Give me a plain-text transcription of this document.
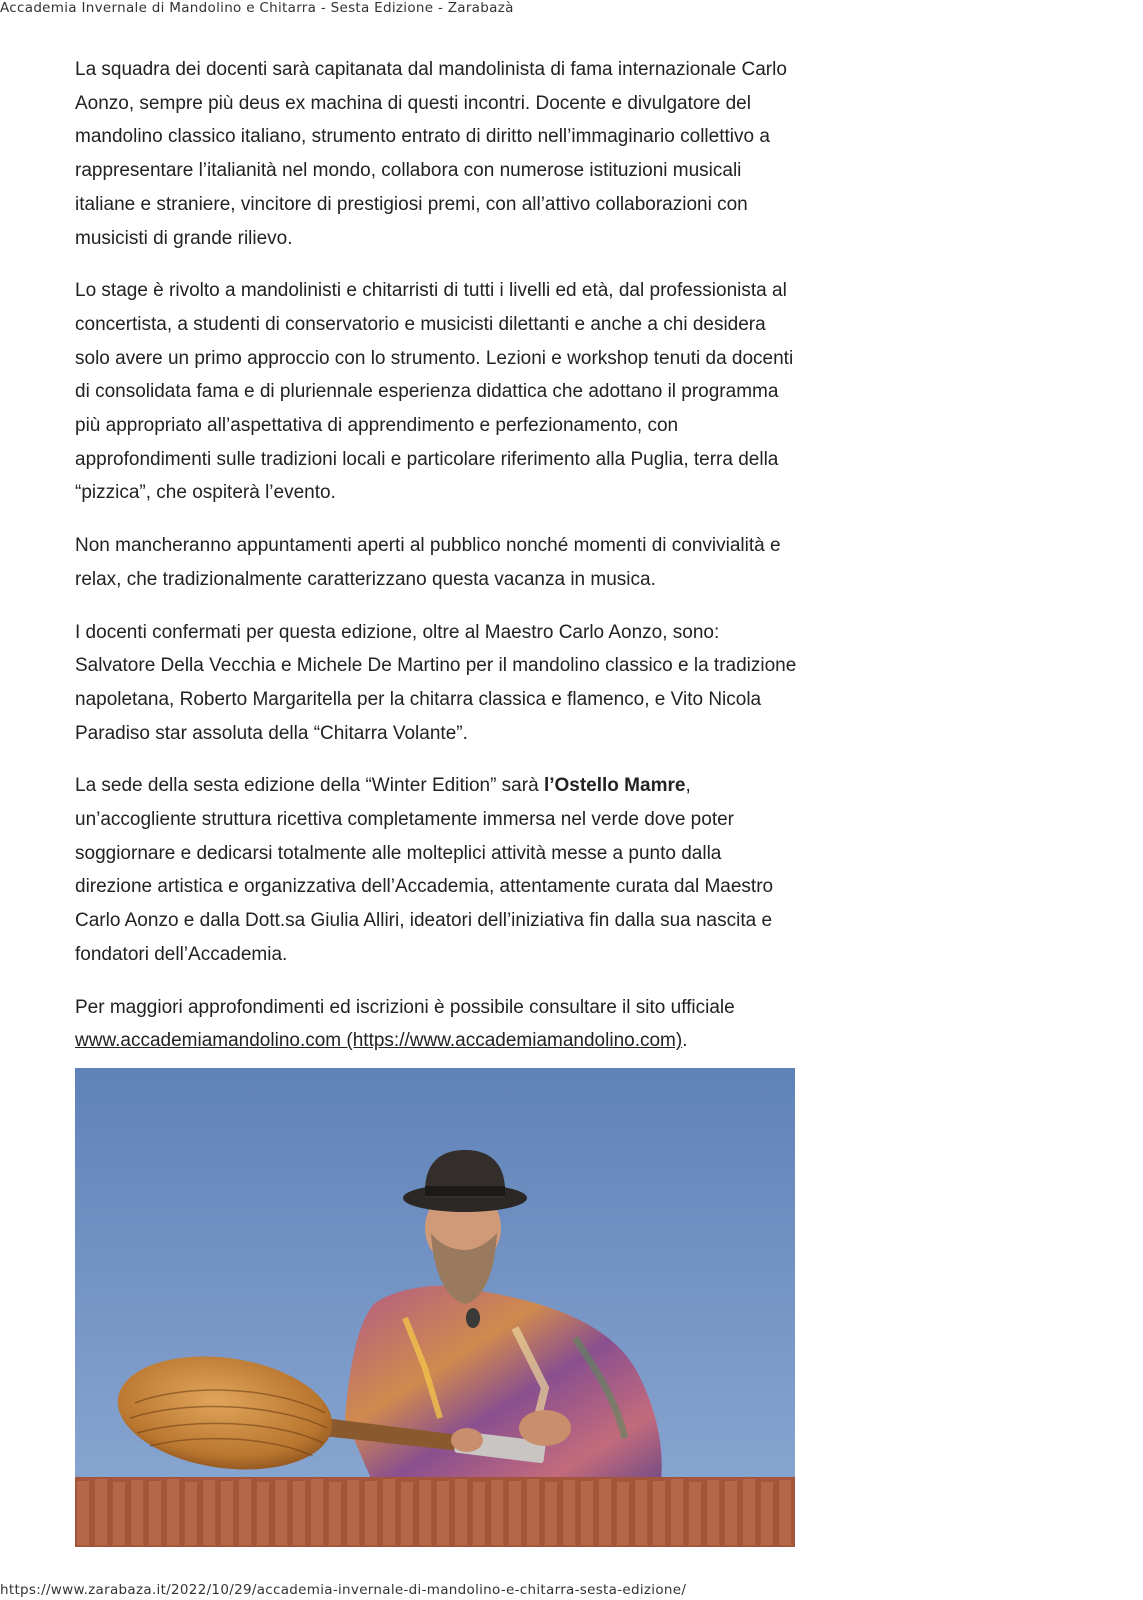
Accademia Invernale di Mandolino e Chitarra - Sesta Edizione - Zarabazà

La squadra dei docenti sarà capitanata dal mandolinista di fama internazionale Carlo Aonzo, sempre più deus ex machina di questi incontri. Docente e divulgatore del mandolino classico italiano, strumento entrato di diritto nell’immaginario collettivo a rappresentare l’italianità nel mondo, collabora con numerose istituzioni musicali italiane e straniere, vincitore di prestigiosi premi, con all’attivo collaborazioni con musicisti di grande rilievo.

Lo stage è rivolto a mandolinisti e chitarristi di tutti i livelli ed età, dal professionista al concertista, a studenti di conservatorio e musicisti dilettanti e anche a chi desidera solo avere un primo approccio con lo strumento. Lezioni e workshop tenuti da docenti di consolidata fama e di pluriennale esperienza didattica che adottano il programma più appropriato all’aspettativa di apprendimento e perfezionamento, con approfondimenti sulle tradizioni locali e particolare riferimento alla Puglia, terra della “pizzica”, che ospiterà l’evento.

Non mancheranno appuntamenti aperti al pubblico nonché momenti di convivialità e relax, che tradizionalmente caratterizzano questa vacanza in musica.

I docenti confermati per questa edizione, oltre al Maestro Carlo Aonzo, sono: Salvatore Della Vecchia e Michele De Martino per il mandolino classico e la tradizione napoletana, Roberto Margaritella per la chitarra classica e flamenco, e Vito Nicola Paradiso star assoluta della “Chitarra Volante”.

La sede della sesta edizione della “Winter Edition” sarà l’Ostello Mamre, un’accogliente struttura ricettiva completamente immersa nel verde dove poter soggiornare e dedicarsi totalmente alle molteplici attività messe a punto dalla direzione artistica e organizzativa dell’Accademia, attentamente curata dal Maestro Carlo Aonzo e dalla Dott.sa Giulia Alliri, ideatori dell’iniziativa fin dalla sua nascita e fondatori dell’Accademia.

Per maggiori approfondimenti ed iscrizioni è possibile consultare il sito ufficiale www.accademiamandolino.com (https://www.accademiamandolino.com).

https://www.zarabaza.it/2022/10/29/accademia-invernale-di-mandolino-e-chitarra-sesta-edizione/
